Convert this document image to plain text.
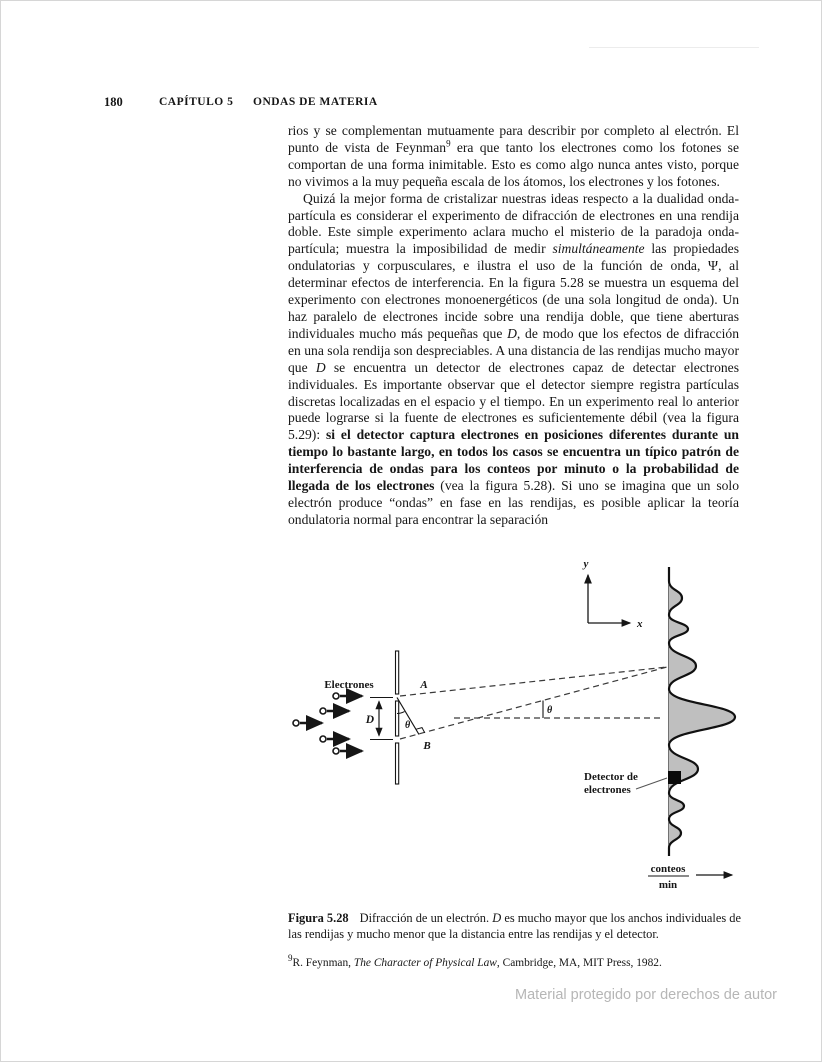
180	CAPÍTULO 5 ONDAS DE MATERIA

rios y se complementan mutuamente para describir por completo al electrón. El punto de vista de Feynman$^9$ era que tanto los electrones como los fotones se comportan de una forma inimitable. Esto es como algo nunca antes visto, porque no vivimos a la muy pequeña escala de los átomos, los electrones y los fotones.

Quizá la mejor forma de cristalizar nuestras ideas respecto a la dualidad onda-partícula es considerar el experimento de difracción de electrones en una rendija doble. Este simple experimento aclara mucho el misterio de la paradoja onda-partícula; muestra la imposibilidad de medir simultáneamente las propiedades ondulatorias y corpusculares, e ilustra el uso de la función de onda, Ψ, al determinar efectos de interferencia. En la figura 5.28 se muestra un esquema del experimento con electrones monoenergéticos (de una sola longitud de onda). Un haz paralelo de electrones incide sobre una rendija doble, que tiene aberturas individuales mucho más pequeñas que D, de modo que los efectos de difracción en una sola rendija son despreciables. A una distancia de las rendijas mucho mayor que D se encuentra un detector de electrones capaz de detectar electrones individuales. Es importante observar que el detector siempre registra partículas discretas localizadas en el espacio y el tiempo. En un experimento real lo anterior puede lograrse si la fuente de electrones es suficientemente débil (vea la figura 5.29): si el detector captura electrones en posiciones diferentes durante un tiempo lo bastante largo, en todos los casos se encuentra un típico patrón de interferencia de ondas para los conteos por minuto o la probabilidad de llegada de los electrones (vea la figura 5.28). Si uno se imagina que un solo electrón produce “ondas” en fase en las rendijas, es posible aplicar la teoría ondulatoria normal para encontrar la separación

y
x
Electrones
D
A
B
θ
θ
Detector de
electrones
conteos
min

Figura 5.28 Difracción de un electrón. D es mucho mayor que los anchos individuales de las rendijas y mucho menor que la distancia entre las rendijas y el detector.

$^9$R. Feynman, The Character of Physical Law, Cambridge, MA, MIT Press, 1982.

Material protegido por derechos de autor
